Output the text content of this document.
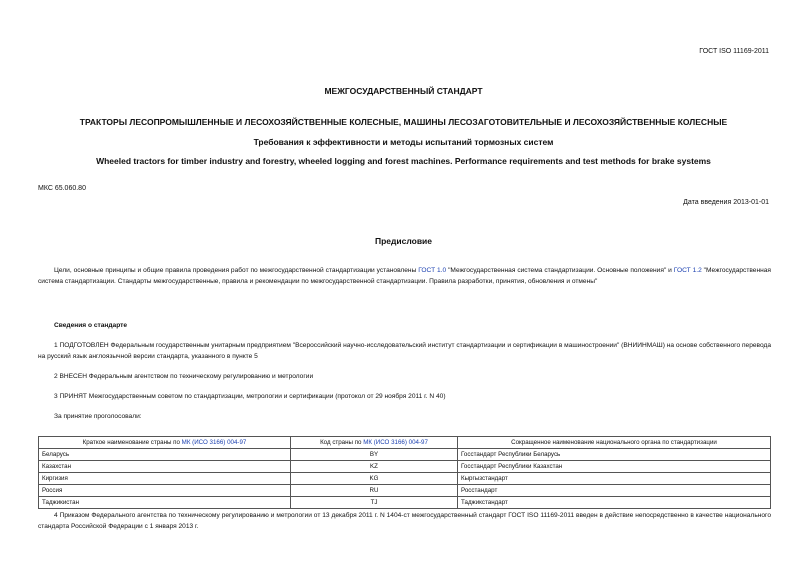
ГОСТ ISO 11169-2011
МЕЖГОСУДАРСТВЕННЫЙ СТАНДАРТ
ТРАКТОРЫ ЛЕСОПРОМЫШЛЕННЫЕ И ЛЕСОХОЗЯЙСТВЕННЫЕ КОЛЕСНЫЕ, МАШИНЫ ЛЕСОЗАГОТОВИТЕЛЬНЫЕ И ЛЕСОХОЗЯЙСТВЕННЫЕ КОЛЕСНЫЕ
Требования к эффективности и методы испытаний тормозных систем
Wheeled tractors for timber industry and forestry, wheeled logging and forest machines. Performance requirements and test methods for brake systems
МКС 65.060.80
Дата введения 2013-01-01
Предисловие
Цели, основные принципы и общие правила проведения работ по межгосударственной стандартизации установлены ГОСТ 1.0 "Межгосударственная система стандартизации. Основные положения" и ГОСТ 1.2 "Межгосударственная система стандартизации. Стандарты межгосударственные, правила и рекомендации по межгосударственной стандартизации. Правила разработки, принятия, обновления и отмены"
Сведения о стандарте
1 ПОДГОТОВЛЕН Федеральным государственным унитарным предприятием "Всероссийский научно-исследовательский институт стандартизации и сертификации в машиностроении" (ВНИИНМАШ) на основе собственного перевода на русский язык англоязычной версии стандарта, указанного в пункте 5
2 ВНЕСЕН Федеральным агентством по техническому регулированию и метрологии
3 ПРИНЯТ Межгосударственным советом по стандартизации, метрологии и сертификации (протокол от 29 ноября 2011 г. N 40)
За принятие проголосовали:
Краткое наименование страны по МК (ИСО 3166) 004-97	Код страны по МК (ИСО 3166) 004-97	Сокращенное наименование национального органа по стандартизации
Беларусь	BY	Госстандарт Республики Беларусь
Казахстан	KZ	Госстандарт Республики Казахстан
Киргизия	KG	Кыргызстандарт
Россия	RU	Росстандарт
Таджикистан	TJ	Таджикстандарт
4 Приказом Федерального агентства по техническому регулированию и метрологии от 13 декабря 2011 г. N 1404-ст межгосударственный стандарт ГОСТ ISO 11169-2011 введен в действие непосредственно в качестве национального стандарта Российской Федерации с 1 января 2013 г.
